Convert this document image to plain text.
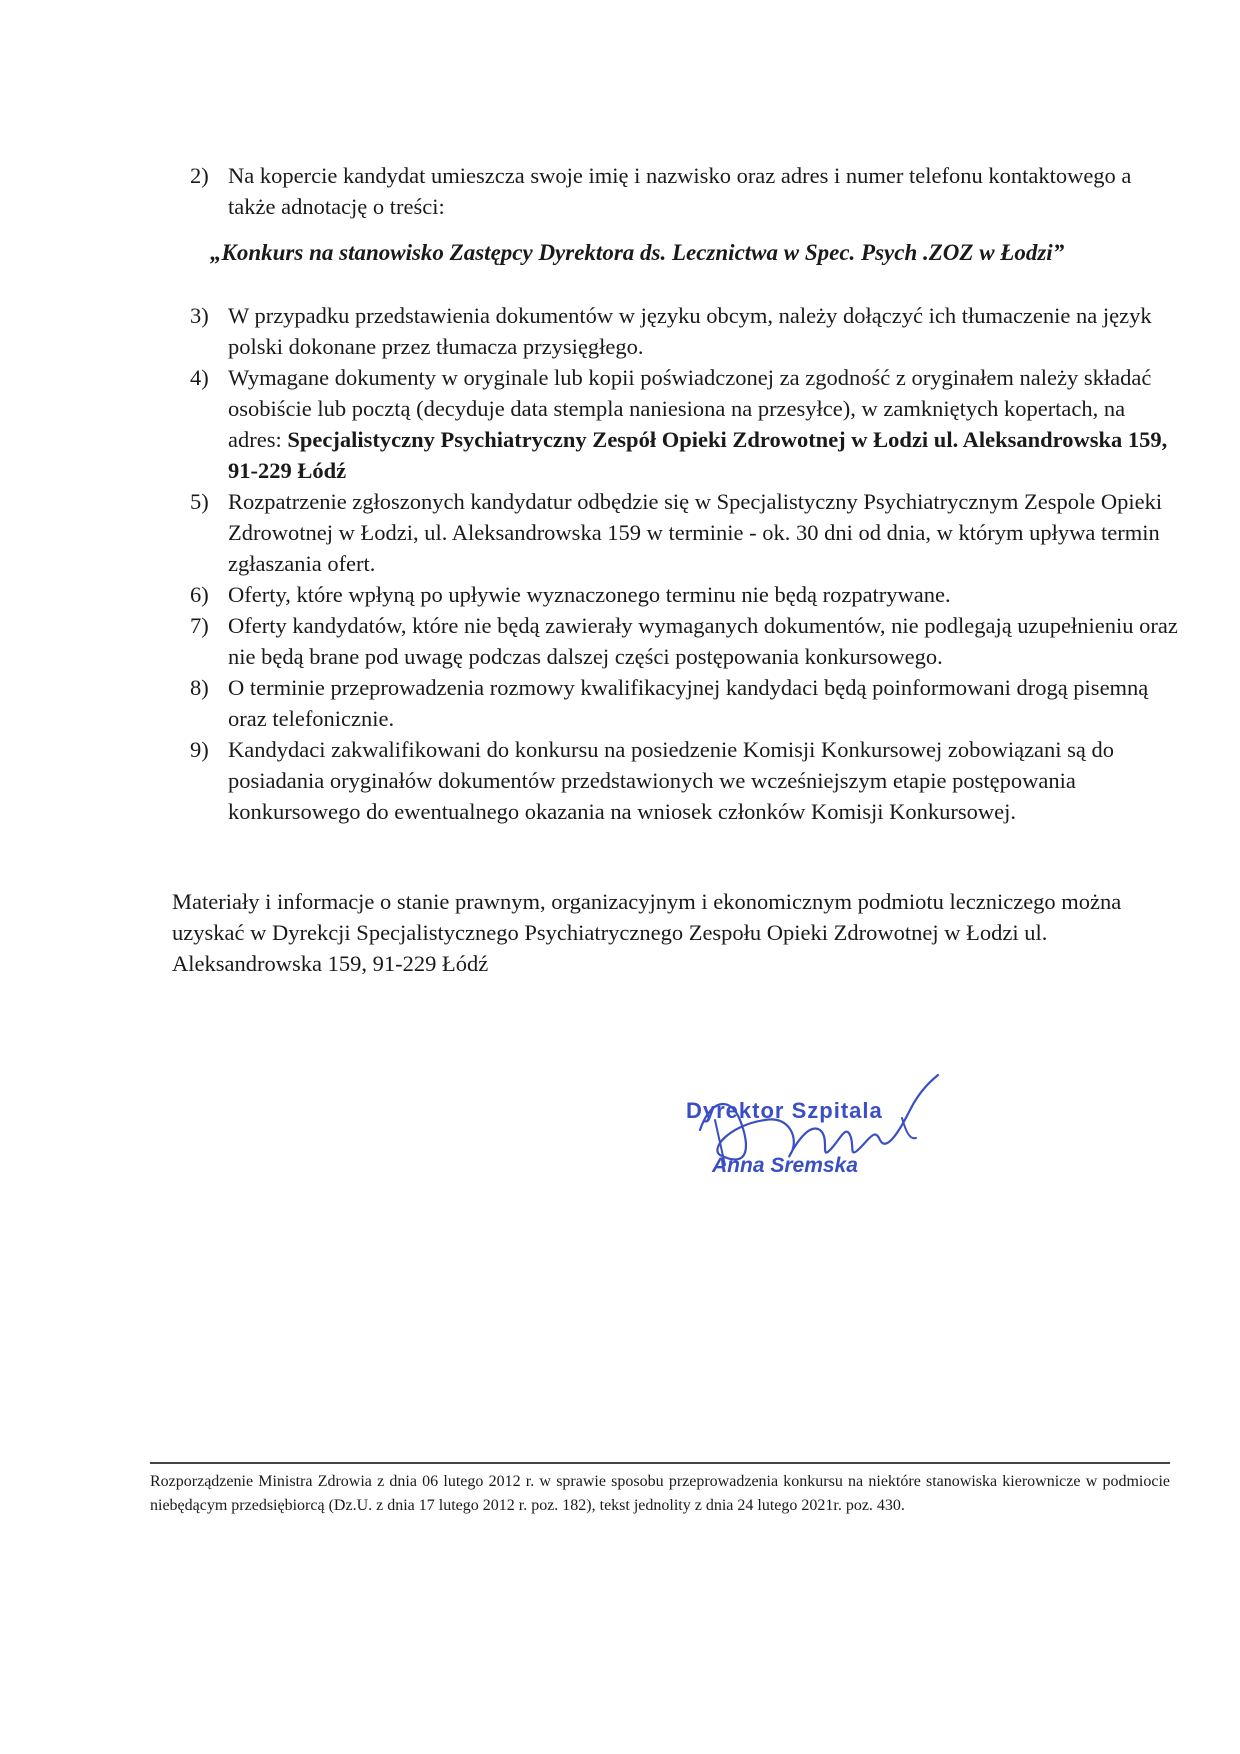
2) Na kopercie kandydat umieszcza swoje imię i nazwisko oraz adres i numer telefonu kontaktowego a także adnotację o treści:
„Konkurs na stanowisko Zastępcy Dyrektora ds. Lecznictwa w Spec. Psych .ZOZ w Łodzi”
3) W przypadku przedstawienia dokumentów w języku obcym, należy dołączyć ich tłumaczenie na język polski dokonane przez tłumacza przysięgłego.
4) Wymagane dokumenty w oryginale lub kopii poświadczonej za zgodność z oryginałem należy składać osobiście lub pocztą (decyduje data stempla naniesiona na przesyłce), w zamkniętych kopertach, na adres: Specjalistyczny Psychiatryczny Zespół Opieki Zdrowotnej w Łodzi ul. Aleksandrowska 159, 91-229 Łódź
5) Rozpatrzenie zgłoszonych kandydatur odbędzie się w Specjalistyczny Psychiatrycznym Zespole Opieki Zdrowotnej w Łodzi, ul. Aleksandrowska 159 w terminie - ok. 30 dni od dnia, w którym upływa termin zgłaszania ofert.
6) Oferty, które wpłyną po upływie wyznaczonego terminu nie będą rozpatrywane.
7) Oferty kandydatów, które nie będą zawierały wymaganych dokumentów, nie podlegają uzupełnieniu oraz nie będą brane pod uwagę podczas dalszej części postępowania konkursowego.
8) O terminie przeprowadzenia rozmowy kwalifikacyjnej kandydaci będą poinformowani drogą pisemną oraz telefonicznie.
9) Kandydaci zakwalifikowani do konkursu na posiedzenie Komisji Konkursowej zobowiązani są do posiadania oryginałów dokumentów przedstawionych we wcześniejszym etapie postępowania konkursowego do ewentualnego okazania na wniosek członków Komisji Konkursowej.
Materiały i informacje o stanie prawnym, organizacyjnym i ekonomicznym podmiotu leczniczego można uzyskać w Dyrekcji Specjalistycznego Psychiatrycznego Zespołu Opieki Zdrowotnej w Łodzi ul. Aleksandrowska 159, 91-229 Łódź
Dyrektor Szpitala
Anna Sremska
Rozporządzenie Ministra Zdrowia z dnia 06 lutego 2012 r. w sprawie sposobu przeprowadzenia konkursu na niektóre stanowiska kierownicze w podmiocie niebędącym przedsiębiorcą (Dz.U. z dnia 17 lutego 2012 r. poz. 182), tekst jednolity z dnia 24 lutego 2021r. poz. 430.
